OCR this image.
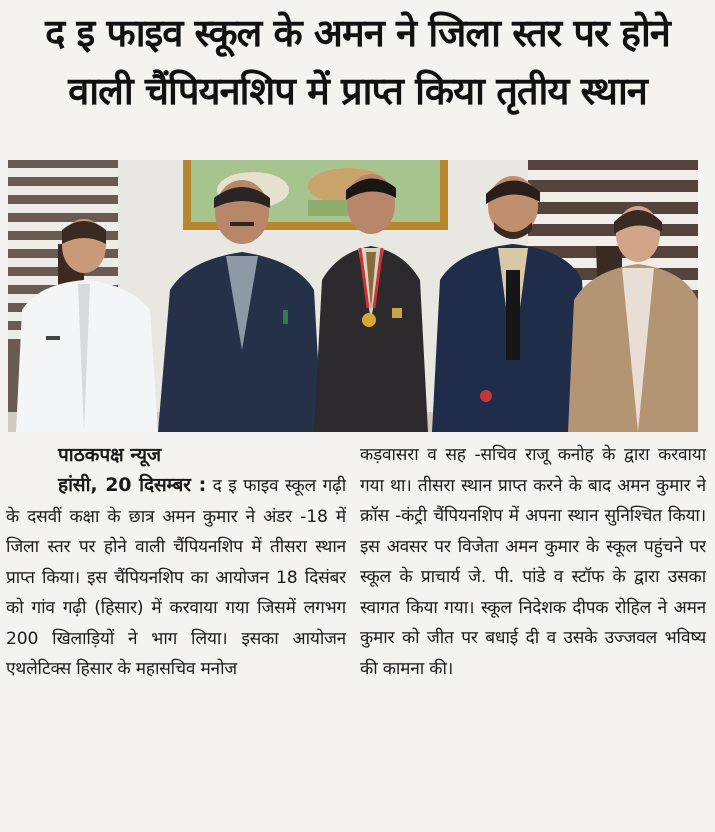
द इ फाइव स्कूल के अमन ने जिला स्तर पर होने
वाली चैंपियनशिप में प्राप्त किया तृतीय स्थान

पाठकपक्ष न्यूज

हांसी, 20 दिसम्बर : द इ फाइव स्कूल गढ़ी के दसवीं कक्षा के छात्र अमन कुमार ने अंडर -18 में जिला स्तर पर होने वाली चैंपियनशिप में तीसरा स्थान प्राप्त किया। इस चैंपियनशिप का आयोजन 18 दिसंबर को गांव गढ़ी (हिसार) में करवाया गया जिसमें लगभग 200 खिलाड़ियों ने भाग लिया। इसका आयोजन एथलेटिक्स हिसार के महासचिव मनोज

कड़वासरा व सह -सचिव राजू कनोह के द्वारा करवाया गया था। तीसरा स्थान प्राप्त करने के बाद अमन कुमार ने क्रॉस -कंट्री चैंपियनशिप में अपना स्थान सुनिश्चित किया। इस अवसर पर विजेता अमन कुमार के स्कूल पहुंचने पर स्कूल के प्राचार्य जे. पी. पांडे व स्टॉफ के द्वारा उसका स्वागत किया गया। स्कूल निदेशक दीपक रोहिल ने अमन कुमार को जीत पर बधाई दी व उसके उज्जवल भविष्य की कामना की।
